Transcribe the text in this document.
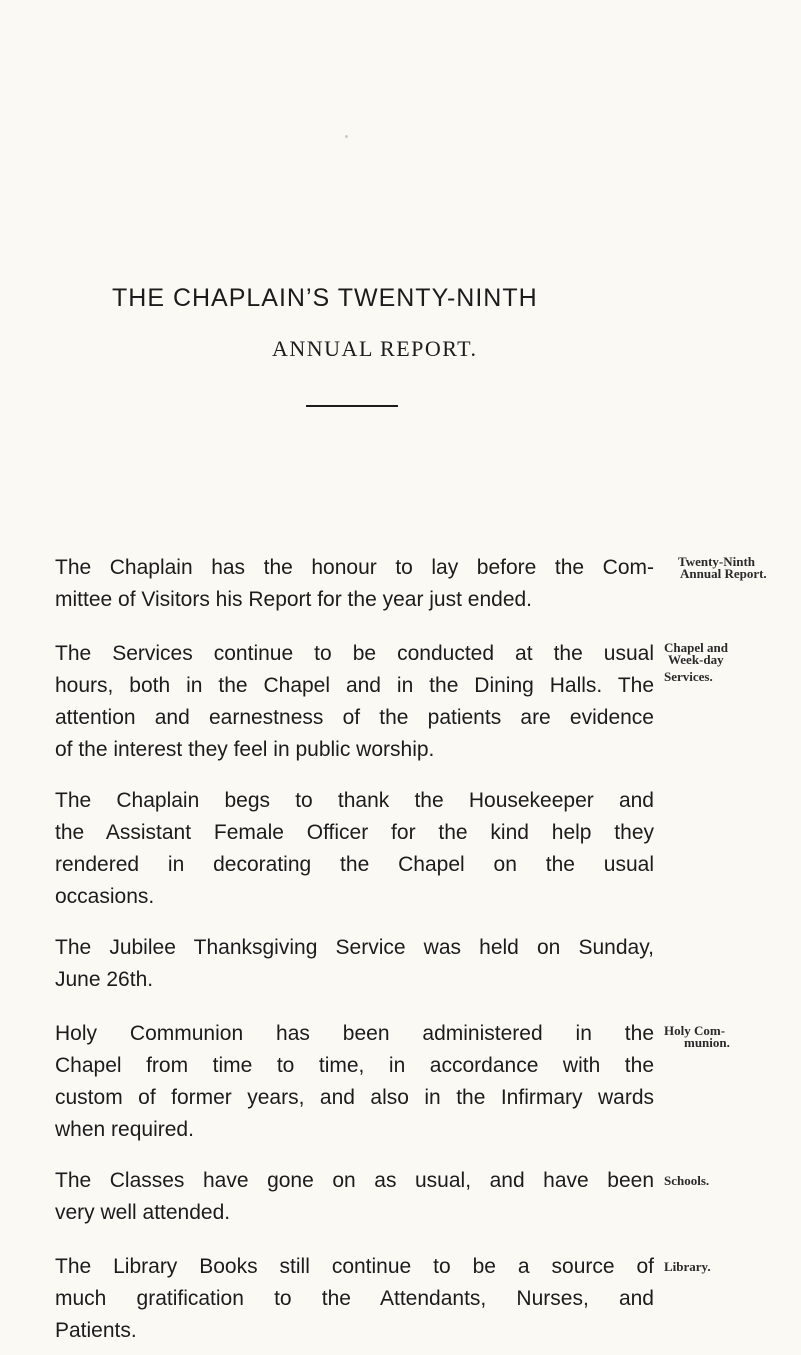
THE CHAPLAIN’S TWENTY-NINTH
ANNUAL REPORT.
The Chaplain has the honour to lay before the Com-
mittee of Visitors his Report for the year just ended.
Twenty-Ninth
Annual Report.
The Services continue to be conducted at the usual
hours, both in the Chapel and in the Dining Halls. The
attention and earnestness of the patients are evidence
of the interest they feel in public worship.
Chapel and
Week-day
Services.
The Chaplain begs to thank the Housekeeper and
the Assistant Female Officer for the kind help they
rendered in decorating the Chapel on the usual
occasions.
The Jubilee Thanksgiving Service was held on Sunday,
June 26th.
Holy Communion has been administered in the
Chapel from time to time, in accordance with the
custom of former years, and also in the Infirmary wards
when required.
Holy Com-
munion.
The Classes have gone on as usual, and have been
very well attended.
Schools.
The Library Books still continue to be a source of
much gratification to the Attendants, Nurses, and
Patients.
Library.
